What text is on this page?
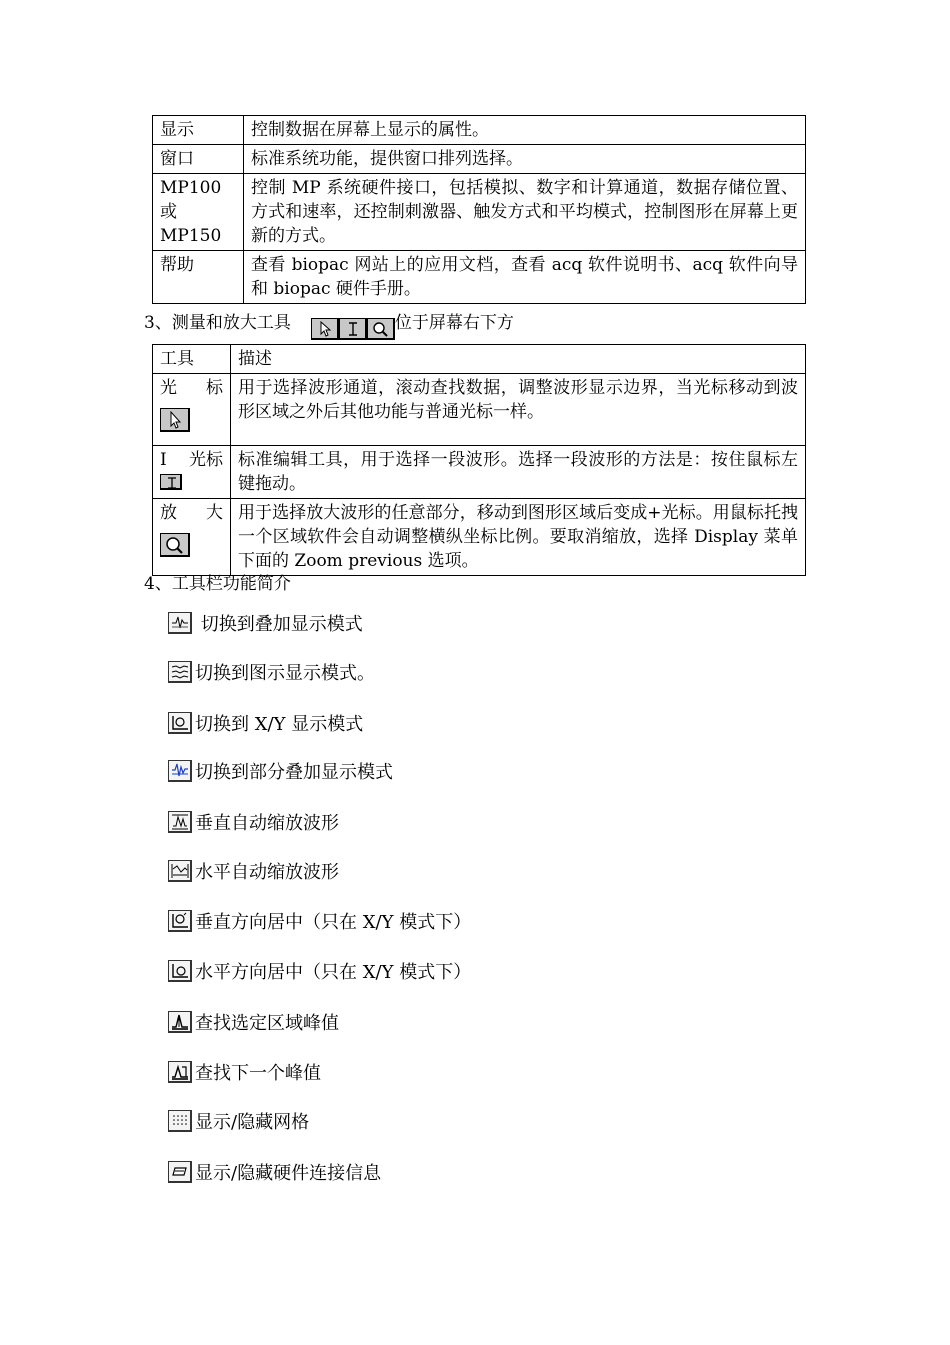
显示	控制数据在屏幕上显示的属性。
窗口	标准系统功能，提供窗口排列选择。
MP100
或
MP150	控制 MP 系统硬件接口，包括模拟、数字和计算通道，数据存储位置、方式和速率，还控制刺激器、触发方式和平均模式，控制图形在屏幕上更新的方式。
帮助	查看 biopac 网站上的应用文档，查看 acq 软件说明书、acq 软件向导和 biopac 硬件手册。
3、测量和放大工具	位于屏幕右下方
工具	描述

光 标	用于选择波形通道，滚动查找数据，调整波形显示边界，当光标移动到波形区域之外后其他功能与普通光标一样。

I 光标	标准编辑工具，用于选择一段波形。选择一段波形的方法是：按住鼠标左键拖动。

放 大	用于选择放大波形的任意部分，移动到图形区域后变成+光标。用鼠标托拽一个区域软件会自动调整横纵坐标比例。要取消缩放，选择 Display 菜单下面的 Zoom previous 选项。
4、工具栏功能简介
切换到叠加显示模式
切换到图示显示模式。
切换到 X/Y 显示模式
切换到部分叠加显示模式
垂直自动缩放波形
水平自动缩放波形
垂直方向居中（只在 X/Y 模式下）
水平方向居中（只在 X/Y 模式下）
查找选定区域峰值
查找下一个峰值
显示/隐藏网格
显示/隐藏硬件连接信息
